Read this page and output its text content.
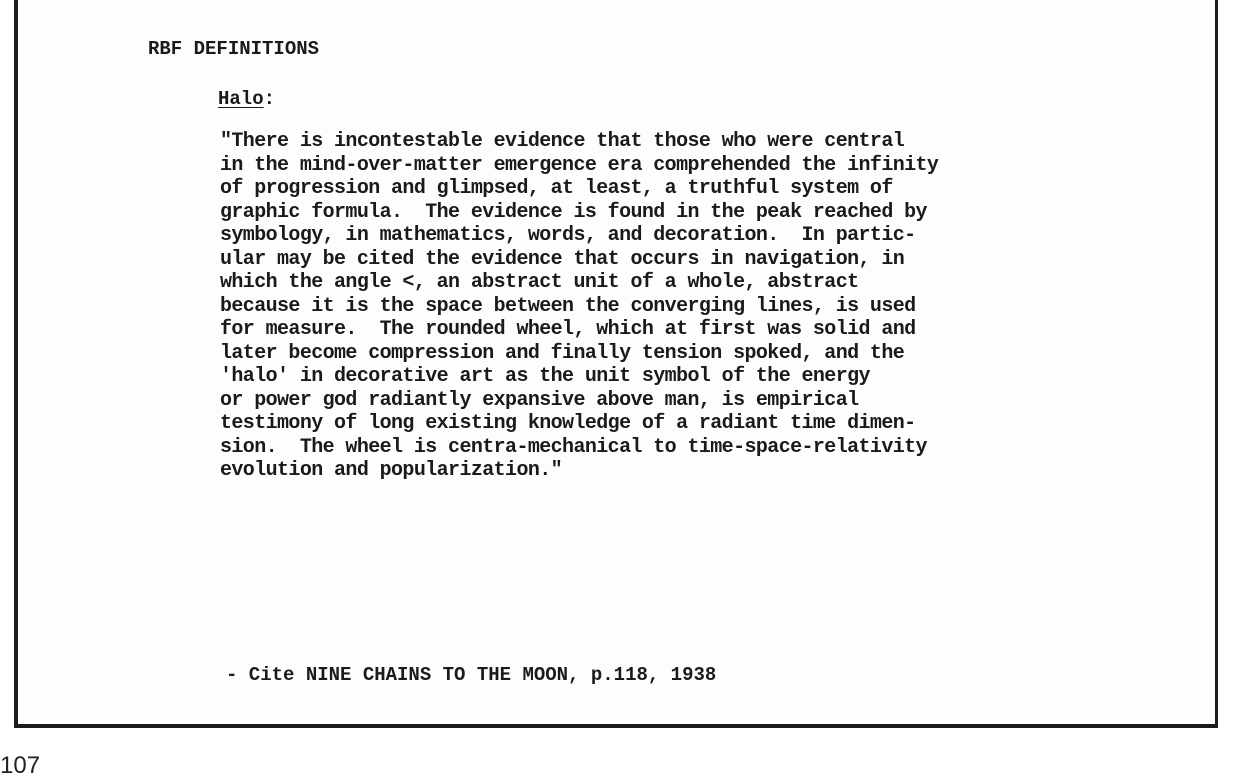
RBF DEFINITIONS
Halo:
"There is incontestable evidence that those who were central
in the mind-over-matter emergence era comprehended the infinity
of progression and glimpsed, at least, a truthful system of
graphic formula.  The evidence is found in the peak reached by
symbology, in mathematics, words, and decoration.  In partic-
ular may be cited the evidence that occurs in navigation, in
which the angle <, an abstract unit of a whole, abstract
because it is the space between the converging lines, is used
for measure.  The rounded wheel, which at first was solid and
later become compression and finally tension spoked, and the
'halo' in decorative art as the unit symbol of the energy
or power god radiantly expansive above man, is empirical
testimony of long existing knowledge of a radiant time dimen-
sion.  The wheel is centra-mechanical to time-space-relativity
evolution and popularization."
- Cite NINE CHAINS TO THE MOON, p.118, 1938
107
